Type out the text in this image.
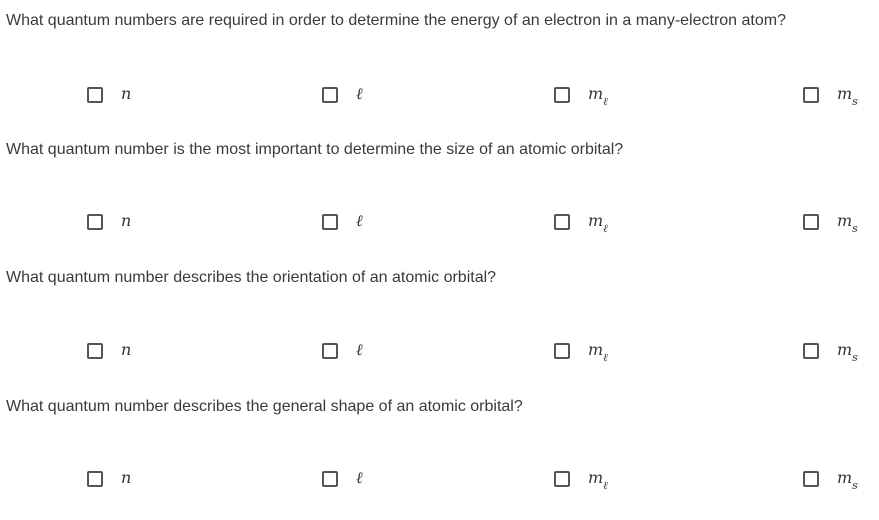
What quantum numbers are required in order to determine the energy of an electron in a many-electron atom?
n	ℓ	$m_\ell$	$m_s$
What quantum number is the most important to determine the size of an atomic orbital?
n	ℓ	$m_\ell$	$m_s$
What quantum number describes the orientation of an atomic orbital?
n	ℓ	$m_\ell$	$m_s$
What quantum number describes the general shape of an atomic orbital?
n	ℓ	$m_\ell$	$m_s$
